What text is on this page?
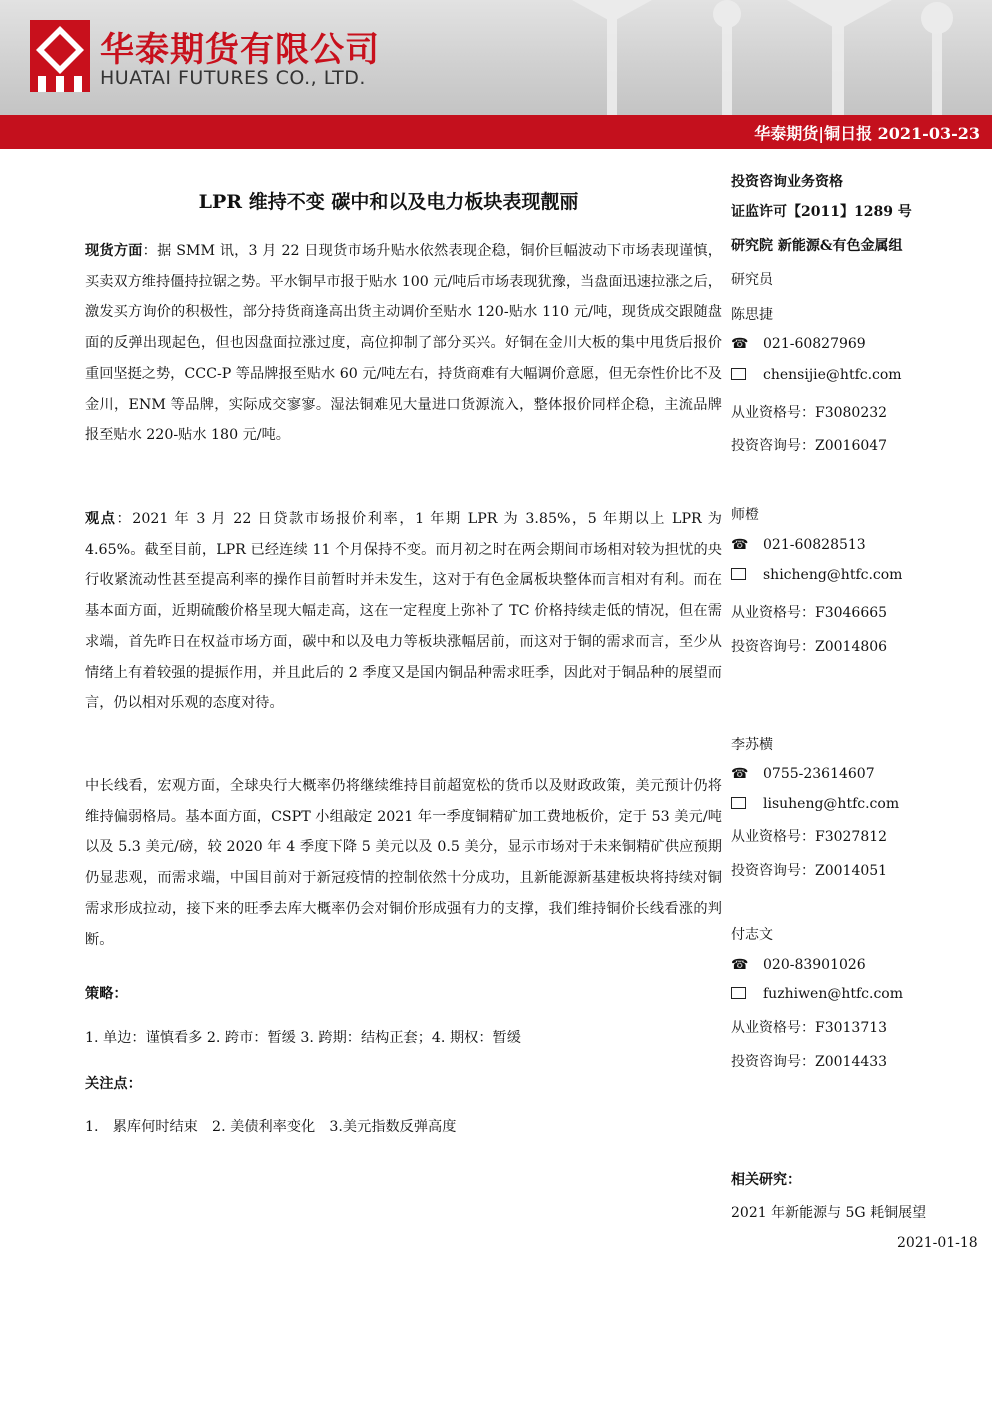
华泰期货有限公司
HUATAI FUTURES CO., LTD.
华泰期货|铜日报 2021-03-23
LPR 维持不变 碳中和以及电力板块表现靓丽

现货方面：据 SMM 讯，3 月 22 日现货市场升贴水依然表现企稳，铜价巨幅波动下市场表现谨慎，买卖双方维持僵持拉锯之势。平水铜早市报于贴水 100 元/吨后市场表现犹豫，当盘面迅速拉涨之后，激发买方询价的积极性，部分持货商逢高出货主动调价至贴水 120-贴水 110 元/吨，现货成交跟随盘面的反弹出现起色，但也因盘面拉涨过度，高位抑制了部分买兴。好铜在金川大板的集中甩货后报价重回坚挺之势，CCC-P 等品牌报至贴水 60 元/吨左右，持货商难有大幅调价意愿，但无奈性价比不及金川，ENM 等品牌，实际成交寥寥。湿法铜难见大量进口货源流入，整体报价同样企稳，主流品牌报至贴水 220-贴水 180 元/吨。

观点：2021 年 3 月 22 日贷款市场报价利率，1 年期 LPR 为 3.85%，5 年期以上 LPR 为 4.65%。截至目前，LPR 已经连续 11 个月保持不变。而月初之时在两会期间市场相对较为担忧的央行收紧流动性甚至提高利率的操作目前暂时并未发生，这对于有色金属板块整体而言相对有利。而在基本面方面，近期硫酸价格呈现大幅走高，这在一定程度上弥补了 TC 价格持续走低的情况，但在需求端，首先昨日在权益市场方面，碳中和以及电力等板块涨幅居前，而这对于铜的需求而言，至少从情绪上有着较强的提振作用，并且此后的 2 季度又是国内铜品种需求旺季，因此对于铜品种的展望而言，仍以相对乐观的态度对待。

中长线看，宏观方面，全球央行大概率仍将继续维持目前超宽松的货币以及财政政策，美元预计仍将维持偏弱格局。基本面方面，CSPT 小组敲定 2021 年一季度铜精矿加工费地板价，定于 53 美元/吨以及 5.3 美元/磅，较 2020 年 4 季度下降 5 美元以及 0.5 美分，显示市场对于未来铜精矿供应预期仍显悲观，而需求端，中国目前对于新冠疫情的控制依然十分成功，且新能源新基建板块将持续对铜需求形成拉动，接下来的旺季去库大概率仍会对铜价形成强有力的支撑，我们维持铜价长线看涨的判断。

策略：
1. 单边：谨慎看多 2. 跨市：暂缓 3. 跨期：结构正套；4. 期权：暂缓
关注点：
1.　累库何时结束　2. 美债利率变化　3.美元指数反弹高度
投资咨询业务资格
证监许可【2011】1289 号
研究院 新能源&有色金属组
研究员
陈思捷
☎ 021-60827969
chensijie@htfc.com
从业资格号：F3080232
投资咨询号：Z0016047
师橙
☎ 021-60828513
shicheng@htfc.com
从业资格号：F3046665
投资咨询号：Z0014806
李苏横
☎ 0755-23614607
lisuheng@htfc.com
从业资格号：F3027812
投资咨询号：Z0014051
付志文
☎ 020-83901026
fuzhiwen@htfc.com
从业资格号：F3013713
投资咨询号：Z0014433
相关研究：
2021 年新能源与 5G 耗铜展望
2021-01-18
